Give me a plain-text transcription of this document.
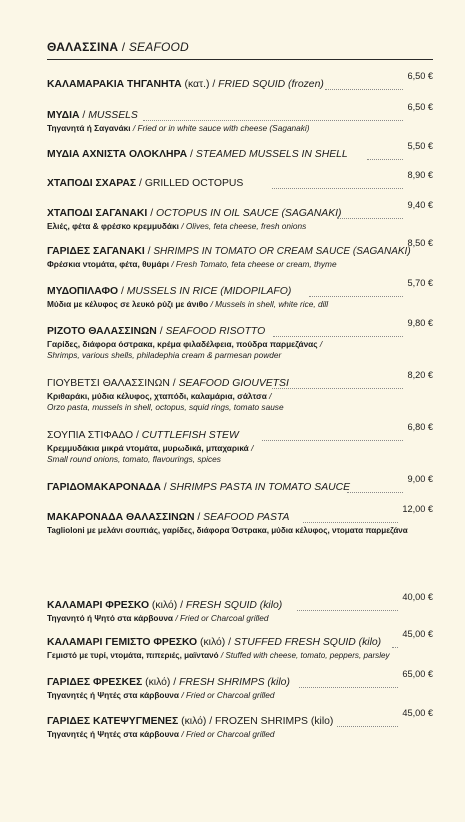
ΘΑΛΑΣΣΙΝΑ / SEAFOOD
ΚΑΛΑΜΑΡΑΚΙΑ ΤΗΓΑΝΗΤΑ (κατ.) / FRIED SQUID (frozen)
6,50 €
ΜΥΔΙΑ / MUSSELS
6,50 €
Τηγανητά ή Σαγανάκι / Fried or in white sauce with cheese (Saganaki)
ΜΥΔΙΑ ΑΧΝΙΣΤΑ ΟΛΟΚΛΗΡΑ / STEAMED MUSSELS IN SHELL
5,50 €
ΧΤΑΠΟΔΙ ΣΧΑΡΑΣ / GRILLED OCTOPUS
8,90 €
ΧΤΑΠΟΔΙ ΣΑΓΑΝΑΚΙ / OCTOPUS IN OIL SAUCE (SAGANAKI)
9,40 €
Ελιές, φέτα & φρέσκο κρεμμυδάκι / Olives, feta cheese, fresh onions
ΓΑΡΙΔΕΣ ΣΑΓΑΝΑΚΙ / SHRIMPS IN TOMATO OR CREAM SAUCE (SAGANAKI)
8,50 €
Φρέσκια ντομάτα, φέτα, θυμάρι / Fresh Tomato, feta cheese or cream, thyme
ΜΥΔΟΠΙΛΑΦΟ / MUSSELS IN RICE (MIDOPILAFO)
5,70 €
Μύδια με κέλυφος σε λευκό ρύζι με άνιθο / Mussels in shell, white rice, dill
ΡΙΖΟΤΟ ΘΑΛΑΣΣΙΝΩΝ / SEAFOOD RISOTTO
9,80 €
Γαρίδες, διάφορα όστρακα, κρέμα φιλαδέλφεια, πούδρα παρμεζάνας /
Shrimps, various shells, philadephia cream & parmesan powder
ΓΙΟΥΒΕΤΣΙ ΘΑΛΑΣΣΙΝΩΝ / SEAFOOD GIOUVETSI
8,20 €
Κριθαράκι, μύδια κέλυφος, χταπόδι, καλαμάρια, σάλτσα /
Orzo pasta, mussels in shell, octopus, squid rings, tomato sause
ΣΟΥΠΙΑ ΣΤΙΦΑΔΟ / CUTTLEFISH STEW
6,80 €
Κρεμμυδάκια μικρά ντομάτα, μυρωδικά, μπαχαρικά /
Small round onions, tomato, flavourings, spices
ΓΑΡΙΔΟΜΑΚΑΡΟΝΑΔΑ / SHRIMPS PASTA IN TOMATO SAUCE
9,00 €
ΜΑΚΑΡΟΝΑΔΑ ΘΑΛΑΣΣΙΝΩΝ / SEAFOOD PASTA
12,00 €
Taglioloni με μελάνι σουπιάς, γαρίδες, διάφορα Όστρακα, μύδια κέλυφος, ντοματα παρμεζάνα
ΚΑΛΑΜΑΡΙ ΦΡΕΣΚΟ (κιλό) / FRESH SQUID (kilo)
40,00 €
Τηγανητό ή Ψητό στα κάρβουνα / Fried or Charcoal grilled
ΚΑΛΑΜΑΡΙ ΓΕΜΙΣΤΟ ΦΡΕΣΚΟ (κιλό) / STUFFED FRESH SQUID (kilo)
45,00 €
Γεμιστό με τυρί, ντομάτα, πιπεριές, μαϊντανό / Stuffed with cheese, tomato, peppers, parsley
ΓΑΡΙΔΕΣ ΦΡΕΣΚΕΣ (κιλό) / FRESH SHRIMPS (kilo)
65,00 €
Τηγανητές ή Ψητές στα κάρβουνα / Fried or Charcoal grilled
ΓΑΡΙΔΕΣ ΚΑΤΕΨΥΓΜΕΝΕΣ (κιλό) / FROZEN SHRIMPS (kilo)
45,00 €
Τηγανητές ή Ψητές στα κάρβουνα / Fried or Charcoal grilled
